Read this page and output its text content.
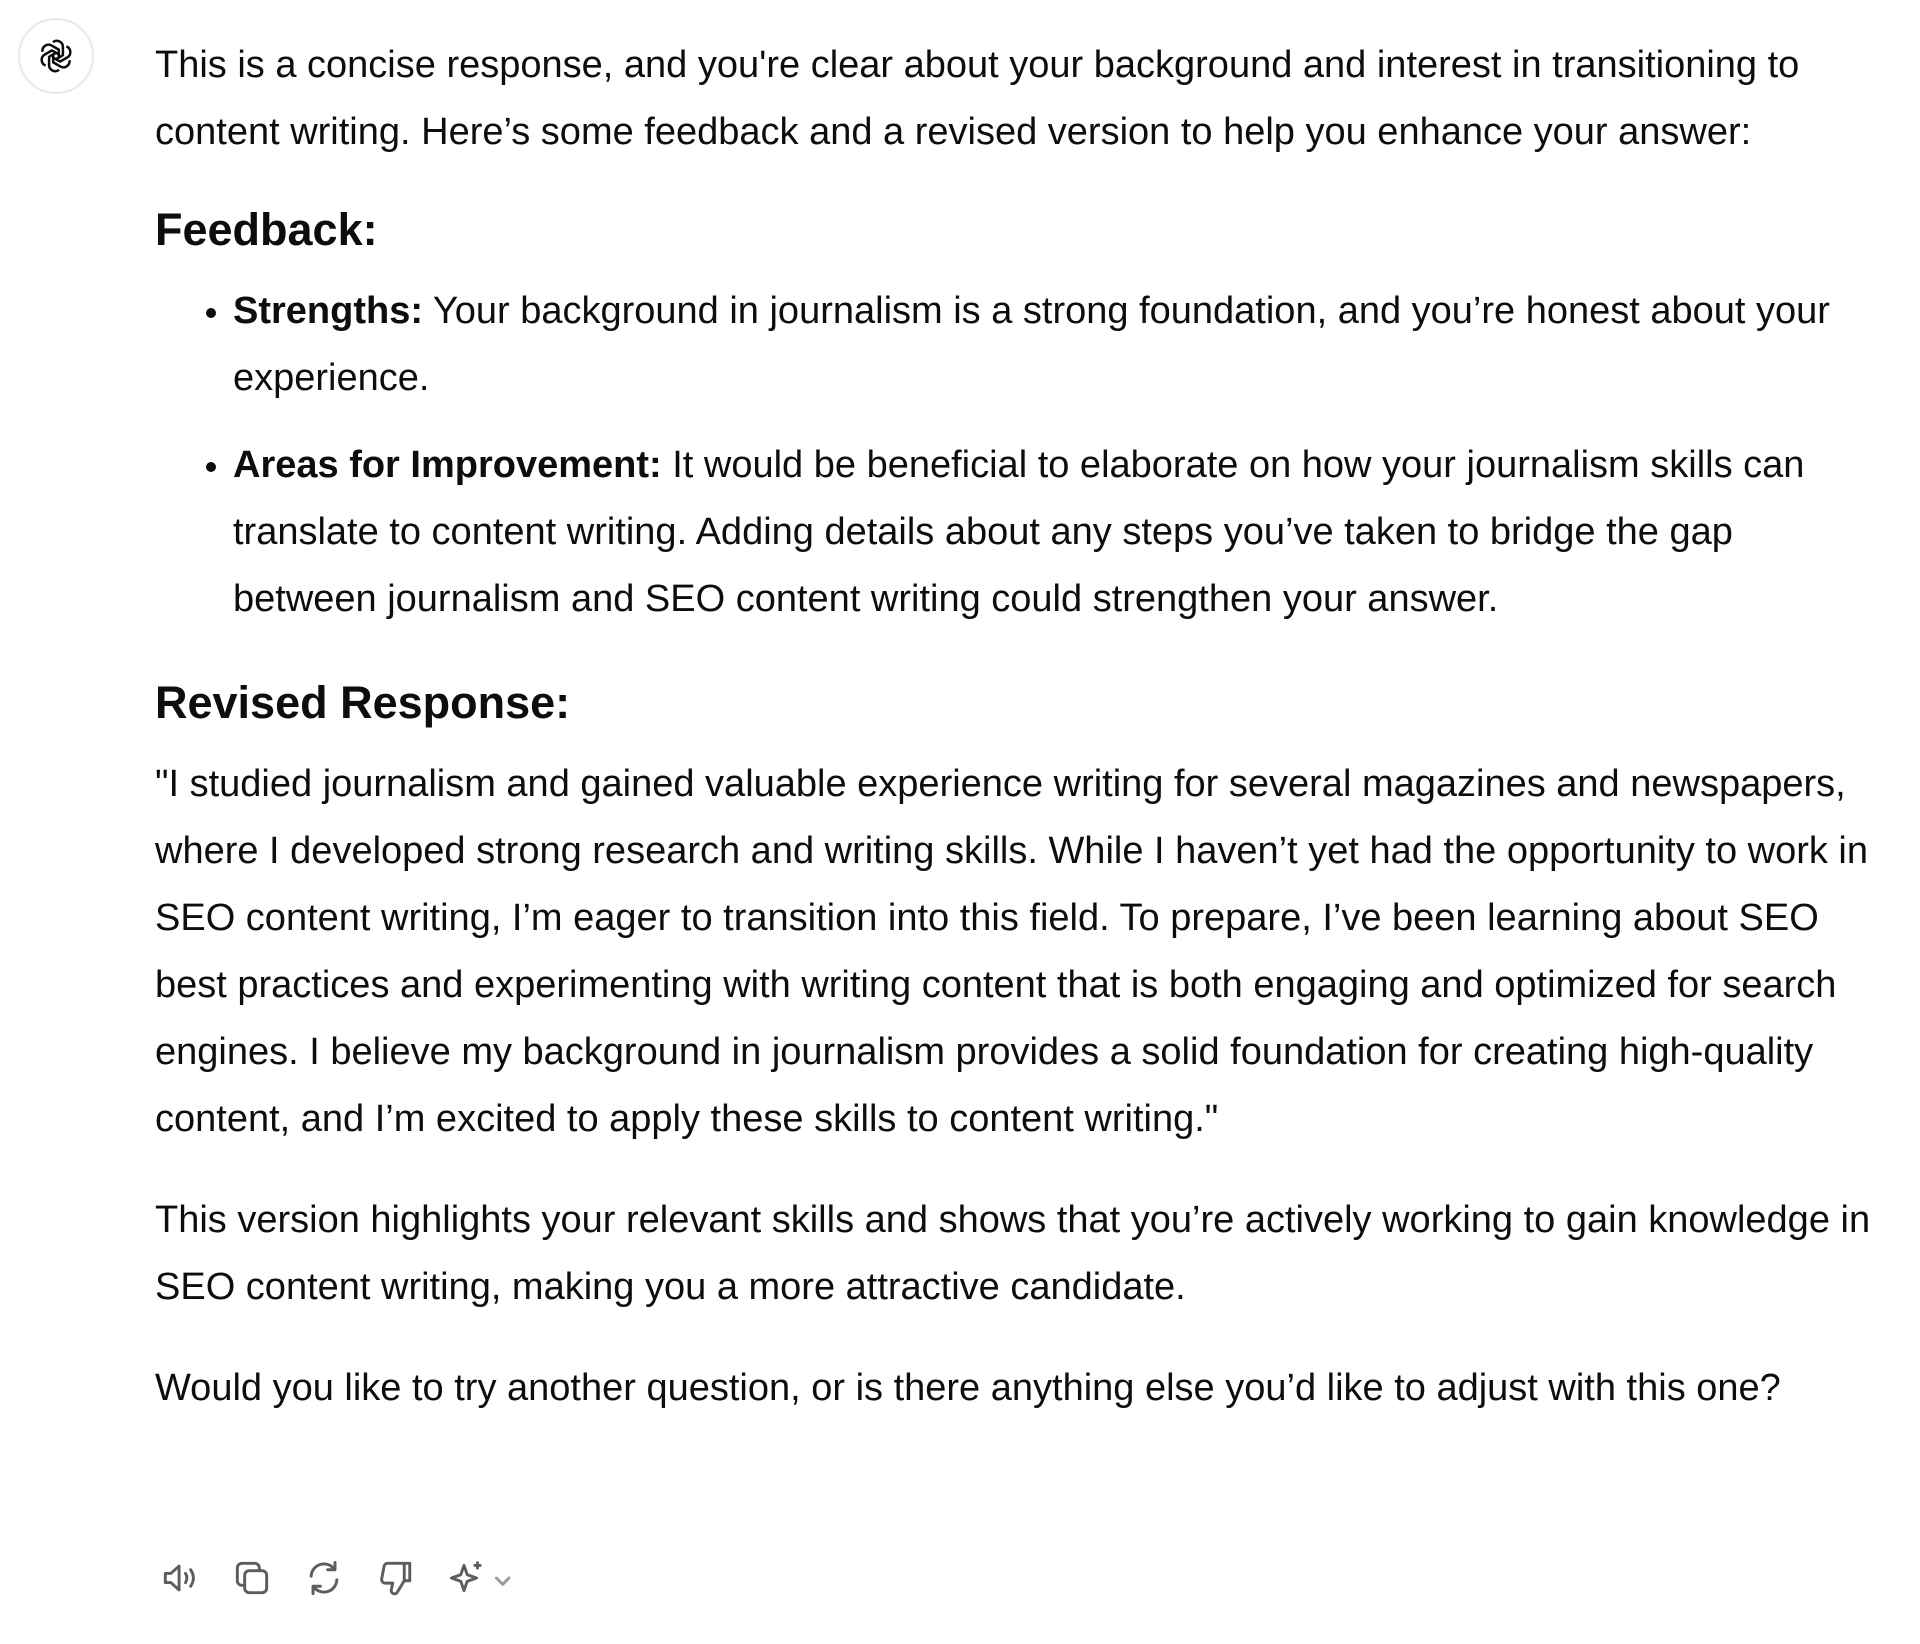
This is a concise response, and you're clear about your background and interest in transitioning to content writing. Here’s some feedback and a revised version to help you enhance your answer:

Feedback:
• Strengths: Your background in journalism is a strong foundation, and you’re honest about your experience.
• Areas for Improvement: It would be beneficial to elaborate on how your journalism skills can translate to content writing. Adding details about any steps you’ve taken to bridge the gap between journalism and SEO content writing could strengthen your answer.
Revised Response:

"I studied journalism and gained valuable experience writing for several magazines and newspapers, where I developed strong research and writing skills. While I haven’t yet had the opportunity to work in SEO content writing, I’m eager to transition into this field. To prepare, I’ve been learning about SEO best practices and experimenting with writing content that is both engaging and optimized for search engines. I believe my background in journalism provides a solid foundation for creating high-quality content, and I’m excited to apply these skills to content writing."

This version highlights your relevant skills and shows that you’re actively working to gain knowledge in SEO content writing, making you a more attractive candidate.

Would you like to try another question, or is there anything else you’d like to adjust with this one?
